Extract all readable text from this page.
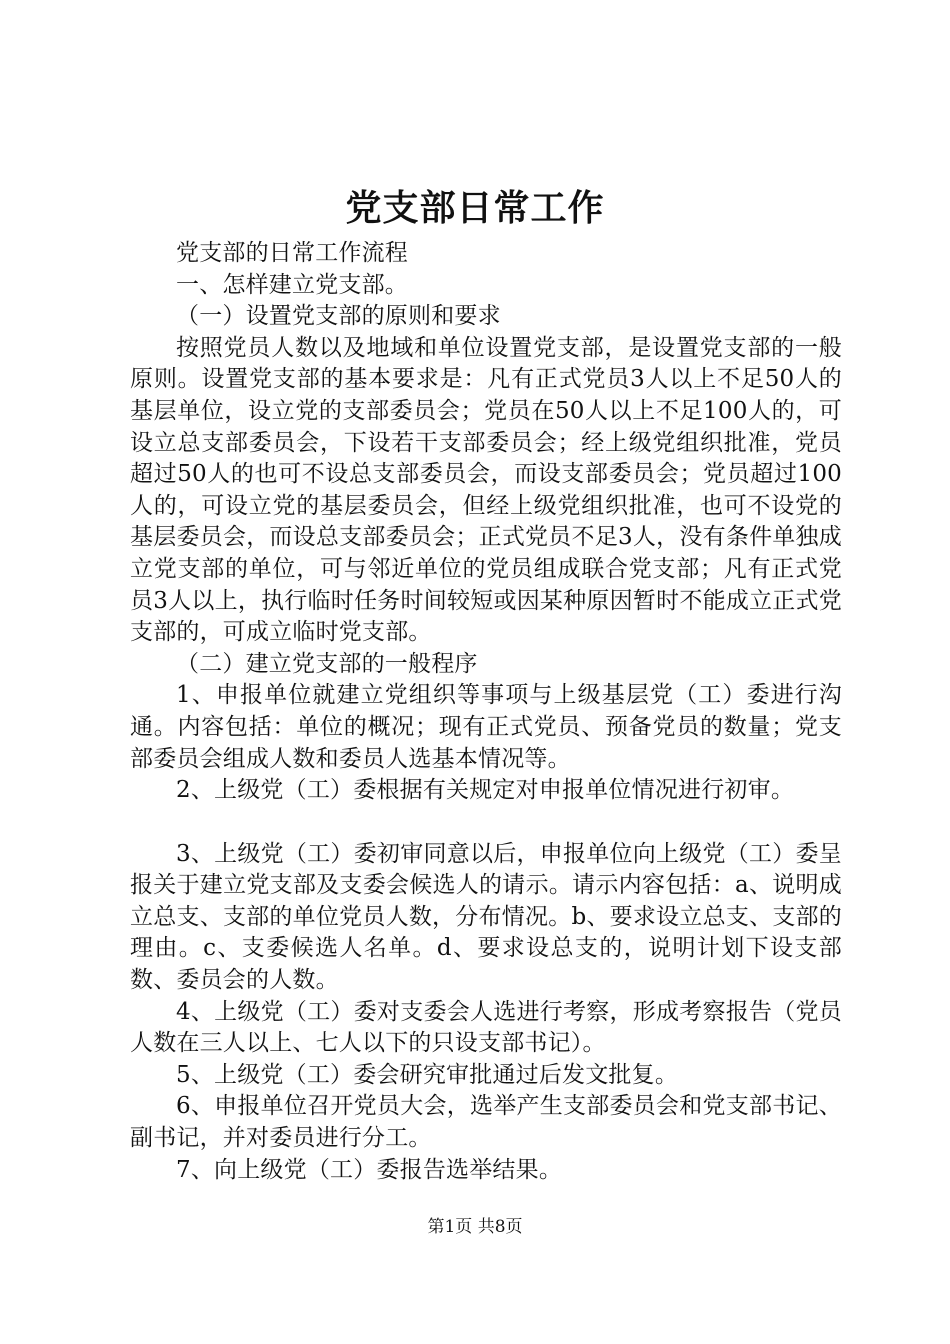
党支部日常工作

党支部的日常工作流程

一、怎样建立党支部。

（一）设置党支部的原则和要求

按照党员人数以及地域和单位设置党支部，是设置党支部的一般原则。设置党支部的基本要求是：凡有正式党员3人以上不足50人的基层单位，设立党的支部委员会；党员在50人以上不足100人的，可设立总支部委员会，下设若干支部委员会；经上级党组织批准，党员超过50人的也可不设总支部委员会，而设支部委员会；党员超过100人的，可设立党的基层委员会，但经上级党组织批准，也可不设党的基层委员会，而设总支部委员会；正式党员不足3人，没有条件单独成立党支部的单位，可与邻近单位的党员组成联合党支部；凡有正式党员3人以上，执行临时任务时间较短或因某种原因暂时不能成立正式党支部的，可成立临时党支部。

（二）建立党支部的一般程序

1、申报单位就建立党组织等事项与上级基层党（工）委进行沟通。内容包括：单位的概况；现有正式党员、预备党员的数量；党支部委员会组成人数和委员人选基本情况等。

2、上级党（工）委根据有关规定对申报单位情况进行初审。

3、上级党（工）委初审同意以后，申报单位向上级党（工）委呈报关于建立党支部及支委会候选人的请示。请示内容包括：a、说明成立总支、支部的单位党员人数，分布情况。b、要求设立总支、支部的理由。c、支委候选人名单。d、要求设总支的，说明计划下设支部数、委员会的人数。

4、上级党（工）委对支委会人选进行考察，形成考察报告（党员人数在三人以上、七人以下的只设支部书记）。

5、上级党（工）委会研究审批通过后发文批复。

6、申报单位召开党员大会，选举产生支部委员会和党支部书记、副书记，并对委员进行分工。

7、向上级党（工）委报告选举结果。

第1页 共8页
